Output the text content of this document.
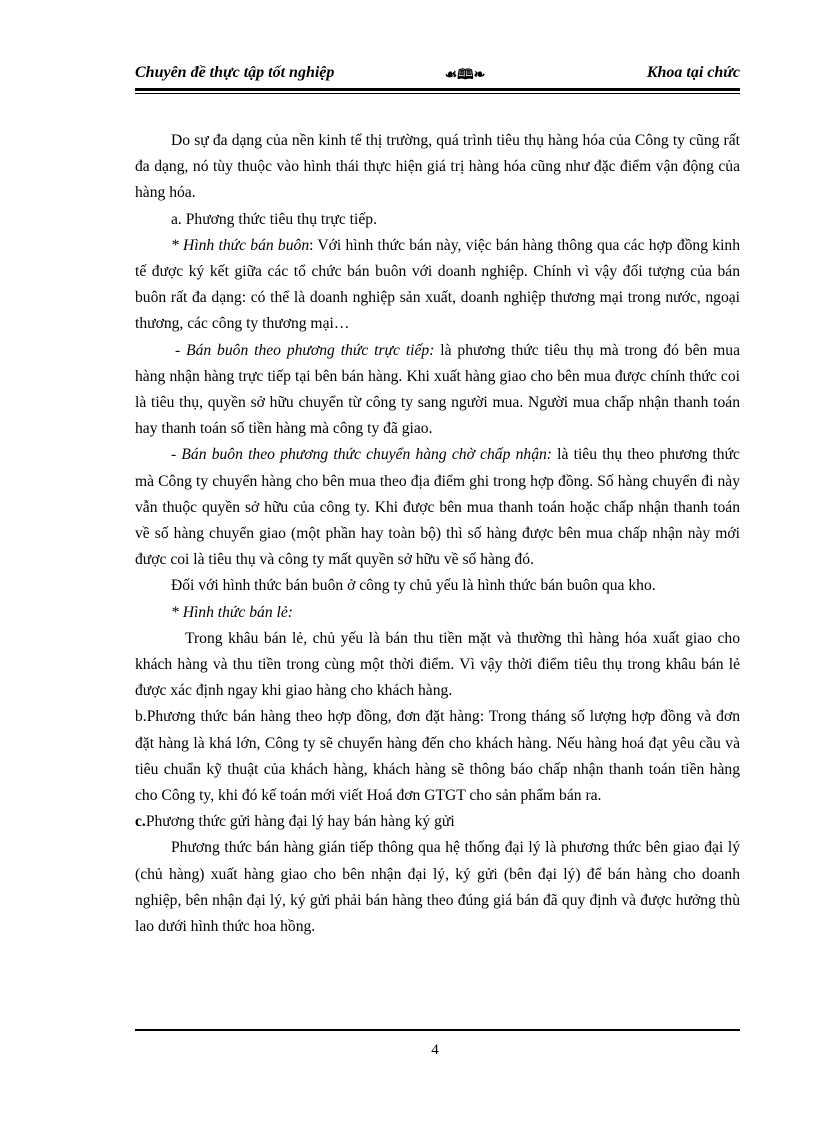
Chuyên đề thực tập tốt nghiệp	☙🕮❧	Khoa tại chức

Do sự đa dạng của nền kinh tế thị trường, quá trình tiêu thụ hàng hóa của Công ty cũng rất đa dạng, nó tùy thuộc vào hình thái thực hiện giá trị hàng hóa cũng như đặc điểm vận động của hàng hóa.

a. Phương thức tiêu thụ trực tiếp.

* Hình thức bán buôn: Với hình thức bán này, việc bán hàng thông qua các hợp đồng kinh tế được ký kết giữa các tổ chức bán buôn với doanh nghiệp. Chính vì vậy đối tượng của bán buôn rất đa dạng: có thể là doanh nghiệp sản xuất, doanh nghiệp thương mại trong nước, ngoại thương, các công ty thương mại…

- Bán buôn theo phương thức trực tiếp: là phương thức tiêu thụ mà trong đó bên mua hàng nhận hàng trực tiếp tại bên bán hàng. Khi xuất hàng giao cho bên mua được chính thức coi là tiêu thụ, quyền sở hữu chuyển từ công ty sang người mua. Người mua chấp nhận thanh toán hay thanh toán số tiền hàng mà công ty đã giao.

- Bán buôn theo phương thức chuyển hàng chờ chấp nhận: là tiêu thụ theo phương thức mà Công ty chuyển hàng cho bên mua theo địa điểm ghi trong hợp đồng. Số hàng chuyển đi này vẫn thuộc quyền sở hữu của công ty. Khi được bên mua thanh toán hoặc chấp nhận thanh toán về số hàng chuyển giao (một phần hay toàn bộ) thì số hàng được bên mua chấp nhận này mới được coi là tiêu thụ và công ty mất quyền sở hữu về số hàng đó.

Đối với hình thức bán buôn ở công ty chủ yếu là hình thức bán buôn qua kho.

* Hình thức bán lẻ:

Trong khâu bán lẻ, chủ yếu là bán thu tiền mặt và thường thì hàng hóa xuất giao cho khách hàng và thu tiền trong cùng một thời điểm. Vì vậy thời điểm tiêu thụ trong khâu bán lẻ được xác định ngay khi giao hàng cho khách hàng.

b.Phương thức bán hàng theo hợp đồng, đơn đặt hàng: Trong tháng số lượng hợp đồng và đơn đặt hàng là khá lớn, Công ty sẽ chuyển hàng đến cho khách hàng. Nếu hàng hoá đạt yêu cầu và tiêu chuẩn kỹ thuật của khách hàng, khách hàng sẽ thông báo chấp nhận thanh toán tiền hàng cho Công ty, khi đó kế toán mới viết Hoá đơn GTGT cho sản phẩm bán ra.

c.Phương thức gửi hàng đại lý hay bán hàng ký gửi

Phương thức bán hàng gián tiếp thông qua hệ thống đại lý là phương thức bên giao đại lý (chủ hàng) xuất hàng giao cho bên nhận đại lý, ký gửi (bên đại lý) để bán hàng cho doanh nghiệp, bên nhận đại lý, ký gửi phải bán hàng theo đúng giá bán đã quy định và được hưởng thù lao dưới hình thức hoa hồng.

4
